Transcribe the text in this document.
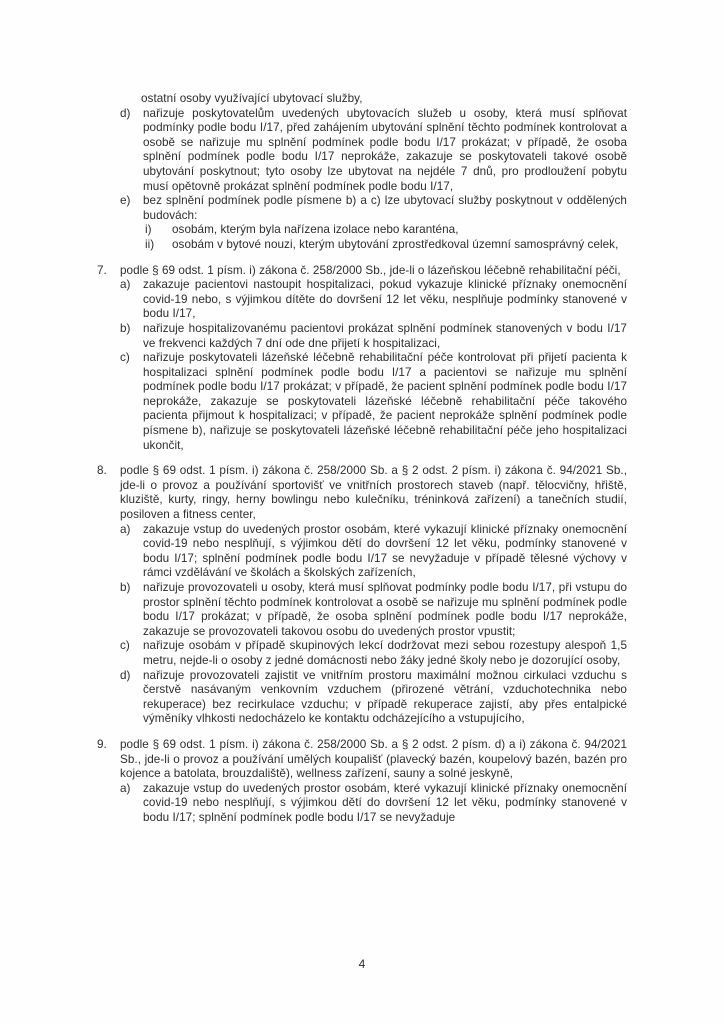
ostatní osoby využívající ubytovací služby,

d)	nařizuje poskytovatelům uvedených ubytovacích služeb u osoby, která musí splňovat podmínky podle bodu I/17, před zahájením ubytování splnění těchto podmínek kontrolovat a osobě se nařizuje mu splnění podmínek podle bodu I/17 prokázat; v případě, že osoba splnění podmínek podle bodu I/17 neprokáže, zakazuje se poskytovateli takové osobě ubytování poskytnout; tyto osoby lze ubytovat na nejdéle 7 dnů, pro prodloužení pobytu musí opětovně prokázat splnění podmínek podle bodu I/17,

e)	bez splnění podmínek podle písmene b) a c) lze ubytovací služby poskytnout v oddělených budovách:

i)	osobám, kterým byla nařízena izolace nebo karanténa,

ii)	osobám v bytové nouzi, kterým ubytování zprostředkoval územní samosprávný celek,

7.	podle § 69 odst. 1 písm. i) zákona č. 258/2000 Sb., jde-li o lázeňskou léčebně rehabilitační péči,

a)	zakazuje pacientovi nastoupit hospitalizaci, pokud vykazuje klinické příznaky onemocnění covid-19 nebo, s výjimkou dítěte do dovršení 12 let věku, nesplňuje podmínky stanovené v bodu I/17,

b)	nařizuje hospitalizovanému pacientovi prokázat splnění podmínek stanovených v bodu I/17 ve frekvenci každých 7 dní ode dne přijetí k hospitalizaci,

c)	nařizuje poskytovateli lázeňské léčebně rehabilitační péče kontrolovat při přijetí pacienta k hospitalizaci splnění podmínek podle bodu I/17 a pacientovi se nařizuje mu splnění podmínek podle bodu I/17 prokázat; v případě, že pacient splnění podmínek podle bodu I/17 neprokáže, zakazuje se poskytovateli lázeňské léčebně rehabilitační péče takového pacienta přijmout k hospitalizaci; v případě, že pacient neprokáže splnění podmínek podle písmene b), nařizuje se poskytovateli lázeňské léčebně rehabilitační péče jeho hospitalizaci ukončit,

8.	podle § 69 odst. 1 písm. i) zákona č. 258/2000 Sb. a § 2 odst. 2 písm. i) zákona č. 94/2021 Sb., jde-li o provoz a používání sportovišť ve vnitřních prostorech staveb (např. tělocvičny, hřiště, kluziště, kurty, ringy, herny bowlingu nebo kulečníku, tréninková zařízení) a tanečních studií, posiloven a fitness center,

a)	zakazuje vstup do uvedených prostor osobám, které vykazují klinické příznaky onemocnění covid-19 nebo nesplňují, s výjimkou dětí do dovršení 12 let věku, podmínky stanovené v bodu I/17; splnění podmínek podle bodu I/17 se nevyžaduje v případě tělesné výchovy v rámci vzdělávání ve školách a školských zařízeních,

b)	nařizuje provozovateli u osoby, která musí splňovat podmínky podle bodu I/17, při vstupu do prostor splnění těchto podmínek kontrolovat a osobě se nařizuje mu splnění podmínek podle bodu I/17 prokázat; v případě, že osoba splnění podmínek podle bodu I/17 neprokáže, zakazuje se provozovateli takovou osobu do uvedených prostor vpustit;

c)	nařizuje osobám v případě skupinových lekcí dodržovat mezi sebou rozestupy alespoň 1,5 metru, nejde-li o osoby z jedné domácnosti nebo žáky jedné školy nebo je dozorující osoby,

d)	nařizuje provozovateli zajistit ve vnitřním prostoru maximální možnou cirkulaci vzduchu s čerstvě nasávaným venkovním vzduchem (přirozené větrání, vzduchotechnika nebo rekuperace) bez recirkulace vzduchu; v případě rekuperace zajistí, aby přes entalpické výměníky vlhkosti nedocházelo ke kontaktu odcházejícího a vstupujícího,

9.	podle § 69 odst. 1 písm. i) zákona č. 258/2000 Sb. a § 2 odst. 2 písm. d) a i) zákona č. 94/2021 Sb., jde-li o provoz a používání umělých koupališť (plavecký bazén, koupelový bazén, bazén pro kojence a batolata, brouzdaliště), wellness zařízení, sauny a solné jeskyně,

a)	zakazuje vstup do uvedených prostor osobám, které vykazují klinické příznaky onemocnění covid-19 nebo nesplňují, s výjimkou dětí do dovršení 12 let věku, podmínky stanovené v bodu I/17; splnění podmínek podle bodu I/17 se nevyžaduje

4
